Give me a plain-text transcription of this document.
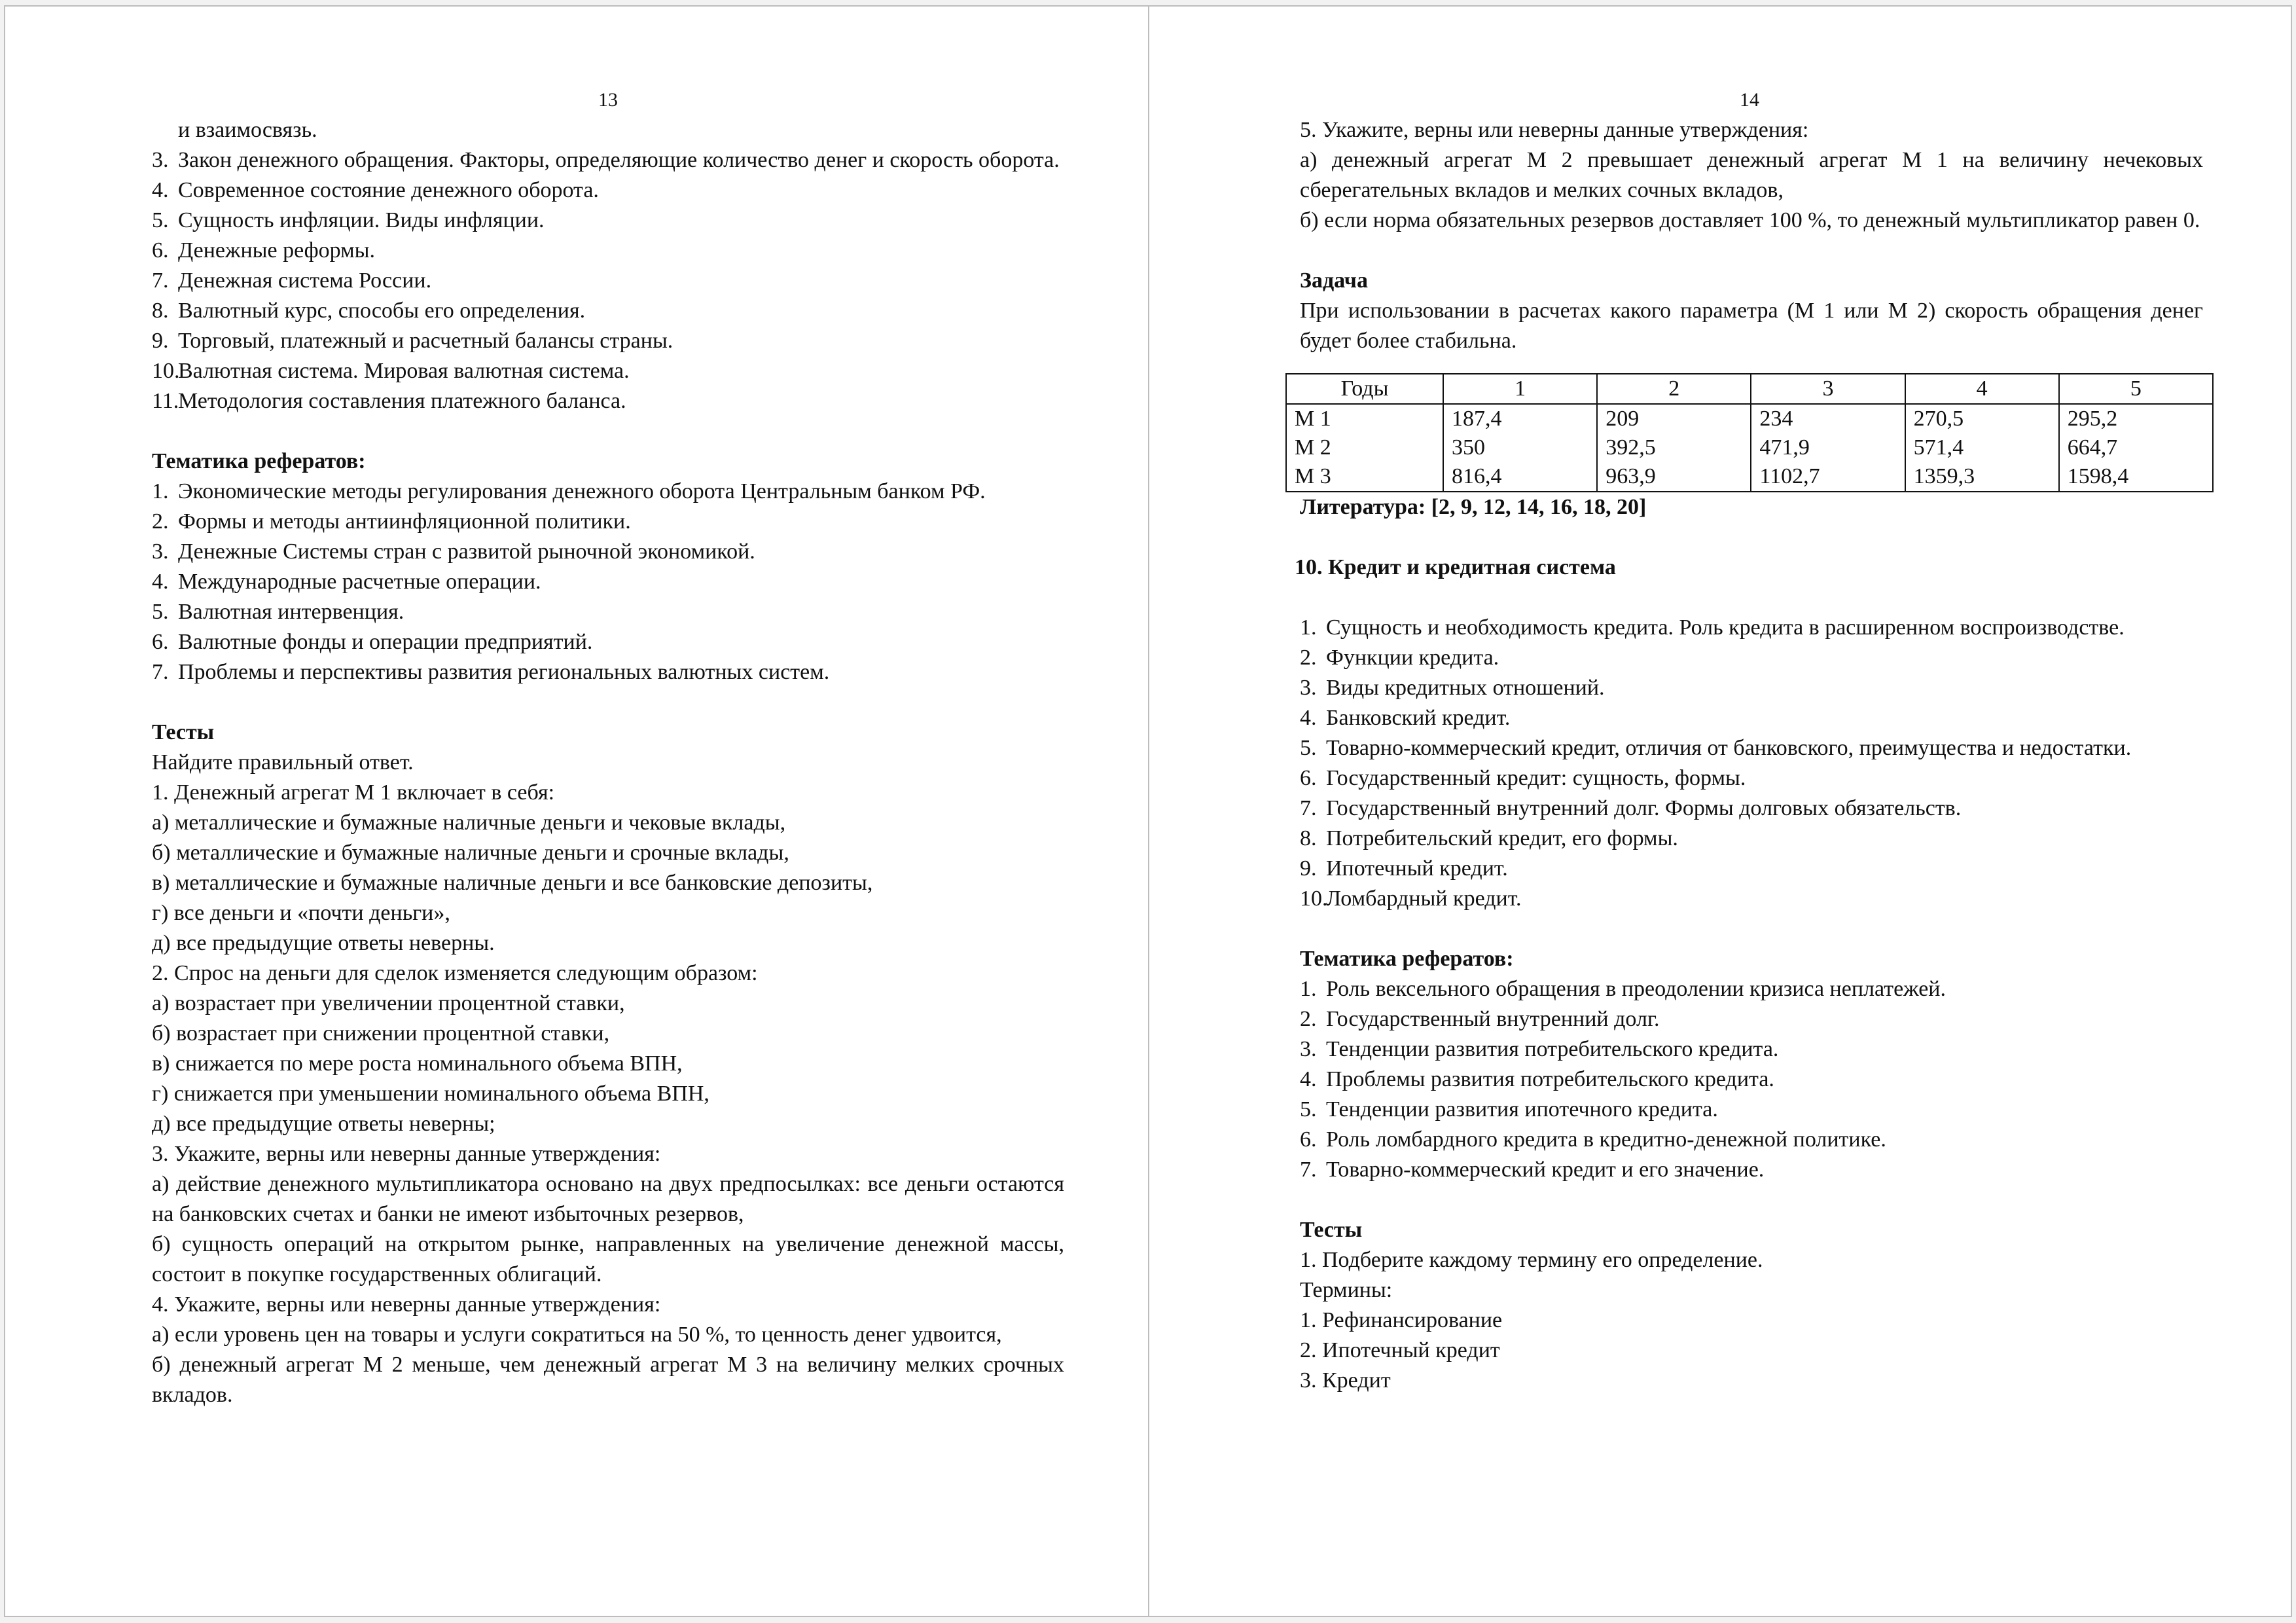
13

и взаимосвязь.

3. Закон денежного обращения. Факторы, определяющие количество денег и скорость оборота.
4. Современное состояние денежного оборота.
5. Сущность инфляции. Виды инфляции.
6. Денежные реформы.
7. Денежная система России.
8. Валютный курс, способы его определения.
9. Торговый, платежный и расчетный балансы страны.
10.Валютная система. Мировая валютная система.
11.Методология составления платежного баланса.

Тематика рефератов:

1. Экономические методы регулирования денежного оборота Центральным банком РФ.
2. Формы и методы антиинфляционной политики.
3. Денежные Системы стран с развитой рыночной экономикой.
4. Международные расчетные операции.
5. Валютная интервенция.
6. Валютные фонды и операции предприятий.
7. Проблемы и перспективы развития региональных валютных систем.

Тесты

Найдите правильный ответ.

1. Денежный агрегат М 1 включает в себя:

а) металлические и бумажные наличные деньги и чековые вклады,

б) металлические и бумажные наличные деньги и срочные вклады,

в) металлические и бумажные наличные деньги и все банковские депозиты,

г) все деньги и «почти деньги»,

д) все предыдущие ответы неверны.

2. Спрос на деньги для сделок изменяется следующим образом:

а) возрастает при увеличении процентной ставки,

б) возрастает при снижении процентной ставки,

в) снижается по мере роста номинального объема ВПН,

г) снижается при уменьшении номинального объема ВПН,

д) все предыдущие ответы неверны;

3. Укажите, верны или неверны данные утверждения:

а) действие денежного мультипликатора основано на двух предпосылках: все деньги остаются на банковских счетах и банки не имеют избыточных резервов,

б) сущность операций на открытом рынке, направленных на увеличение денежной массы, состоит в покупке государственных облигаций.

4. Укажите, верны или неверны данные утверждения:

а) если уровень цен на товары и услуги сократиться на 50 %, то ценность денег удвоится,

б) денежный агрегат М 2 меньше, чем денежный агрегат М 3 на величину мелких срочных вкладов.

14

5. Укажите, верны или неверны данные утверждения:

а) денежный агрегат М 2 превышает денежный агрегат М 1 на величину нечековых сберегательных вкладов и мелких сочных вкладов,

б) если норма обязательных резервов доставляет 100 %, то денежный мультипликатор равен 0.

Задача

При использовании в расчетах какого параметра (М 1 или М 2) скорость обращения денег будет более стабильна.

Годы	1	2	3	4	5
М 1	187,4	209	234	270,5	295,2
М 2	350	392,5	471,9	571,4	664,7
М 3	816,4	963,9	1102,7	1359,3	1598,4

Литература: [2, 9, 12, 14, 16, 18, 20]

10. Кредит и кредитная система

1. Сущность и необходимость кредита. Роль кредита в расширенном воспроизводстве.
2. Функции кредита.
3. Виды кредитных отношений.
4. Банковский кредит.
5. Товарно-коммерческий кредит, отличия от банковского, преимущества и недостатки.
6. Государственный кредит: сущность, формы.
7. Государственный внутренний долг. Формы долговых обязательств.
8. Потребительский кредит, его формы.
9. Ипотечный кредит.
10.Ломбардный кредит.

Тематика рефератов:

1. Роль вексельного обращения в преодолении кризиса неплатежей.
2. Государственный внутренний долг.
3. Тенденции развития потребительского кредита.
4. Проблемы развития потребительского кредита.
5. Тенденции развития ипотечного кредита.
6. Роль ломбардного кредита в кредитно-денежной политике.
7. Товарно-коммерческий кредит и его значение.

Тесты

1. Подберите каждому термину его определение.

Термины:

1. Рефинансирование

2. Ипотечный кредит

3. Кредит
